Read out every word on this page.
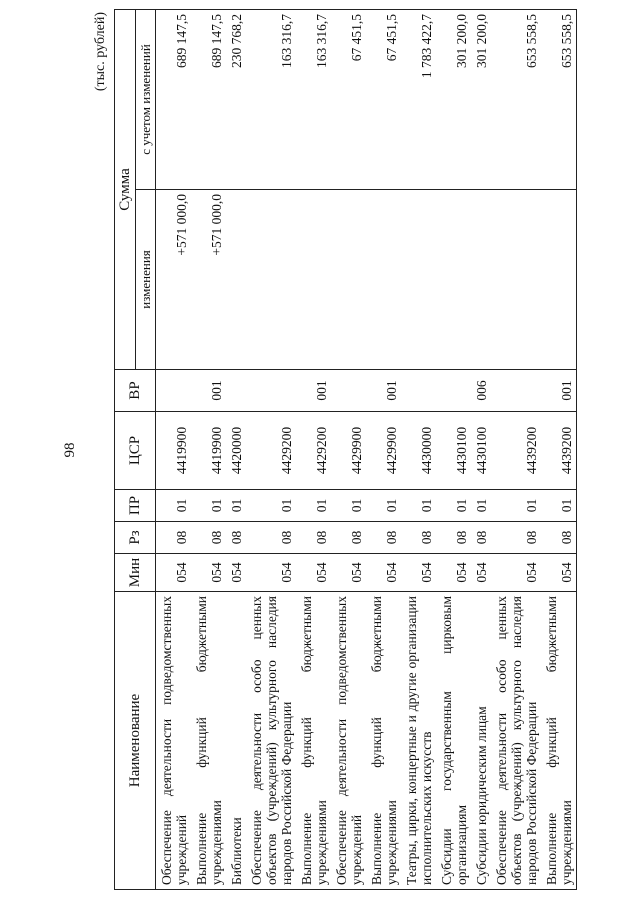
98
(тыс. рублей)
Наименование	Мин	Рз	ПР	ЦСР	ВР	Сумма	
						изменения	с учетом изменений
Обеспечение деятельности подведомственных учреждений	054	08	01	4419900		+571 000,0	689 147,5
Выполнение функций бюджетными учреждениями	054	08	01	4419900	001	+571 000,0	689 147,5
Библиотеки	054	08	01	4420000			230 768,2
Обеспечение деятельности особо ценных объектов (учреждений) культурного наследия народов Российской Федерации	054	08	01	4429200			163 316,7
Выполнение функций бюджетными учреждениями	054	08	01	4429200	001		163 316,7
Обеспечение деятельности подведомственных учреждений	054	08	01	4429900			67 451,5
Выполнение функций бюджетными учреждениями	054	08	01	4429900	001		67 451,5
Театры, цирки, концертные и другие организации исполнительских искусств	054	08	01	4430000			1 783 422,7
Субсидии государственным цирковым организациям	054	08	01	4430100			301 200,0
Субсидии юридическим лицам	054	08	01	4430100	006		301 200,0
Обеспечение деятельности особо ценных объектов (учреждений) культурного наследия народов Российской Федерации	054	08	01	4439200			653 558,5
Выполнение функций бюджетными учреждениями	054	08	01	4439200	001		653 558,5
